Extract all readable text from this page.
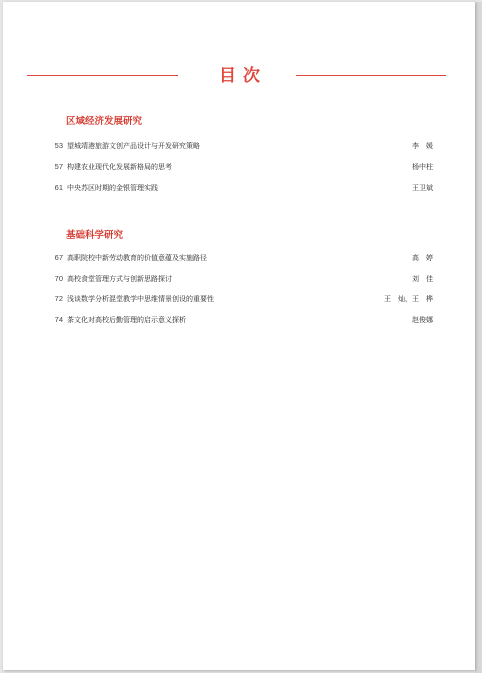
目次
区域经济发展研究
53 望城靖港旅游文创产品设计与开发研究策略	李　媛
57 构建农业现代化发展新格局的思考	杨中柱
61 中央苏区时期的金银管理实践	王卫斌
基础科学研究
67 高职院校中新劳动教育的价值意蕴及实施路径	高　婷
70 高校食堂管理方式与创新思路探讨	刘　佳
72 浅谈数学分析混堂教学中思维情景创设的重要性	王　灿，王　桦
74 茶文化对高校后勤管理的启示意义探析	赵俊娜
